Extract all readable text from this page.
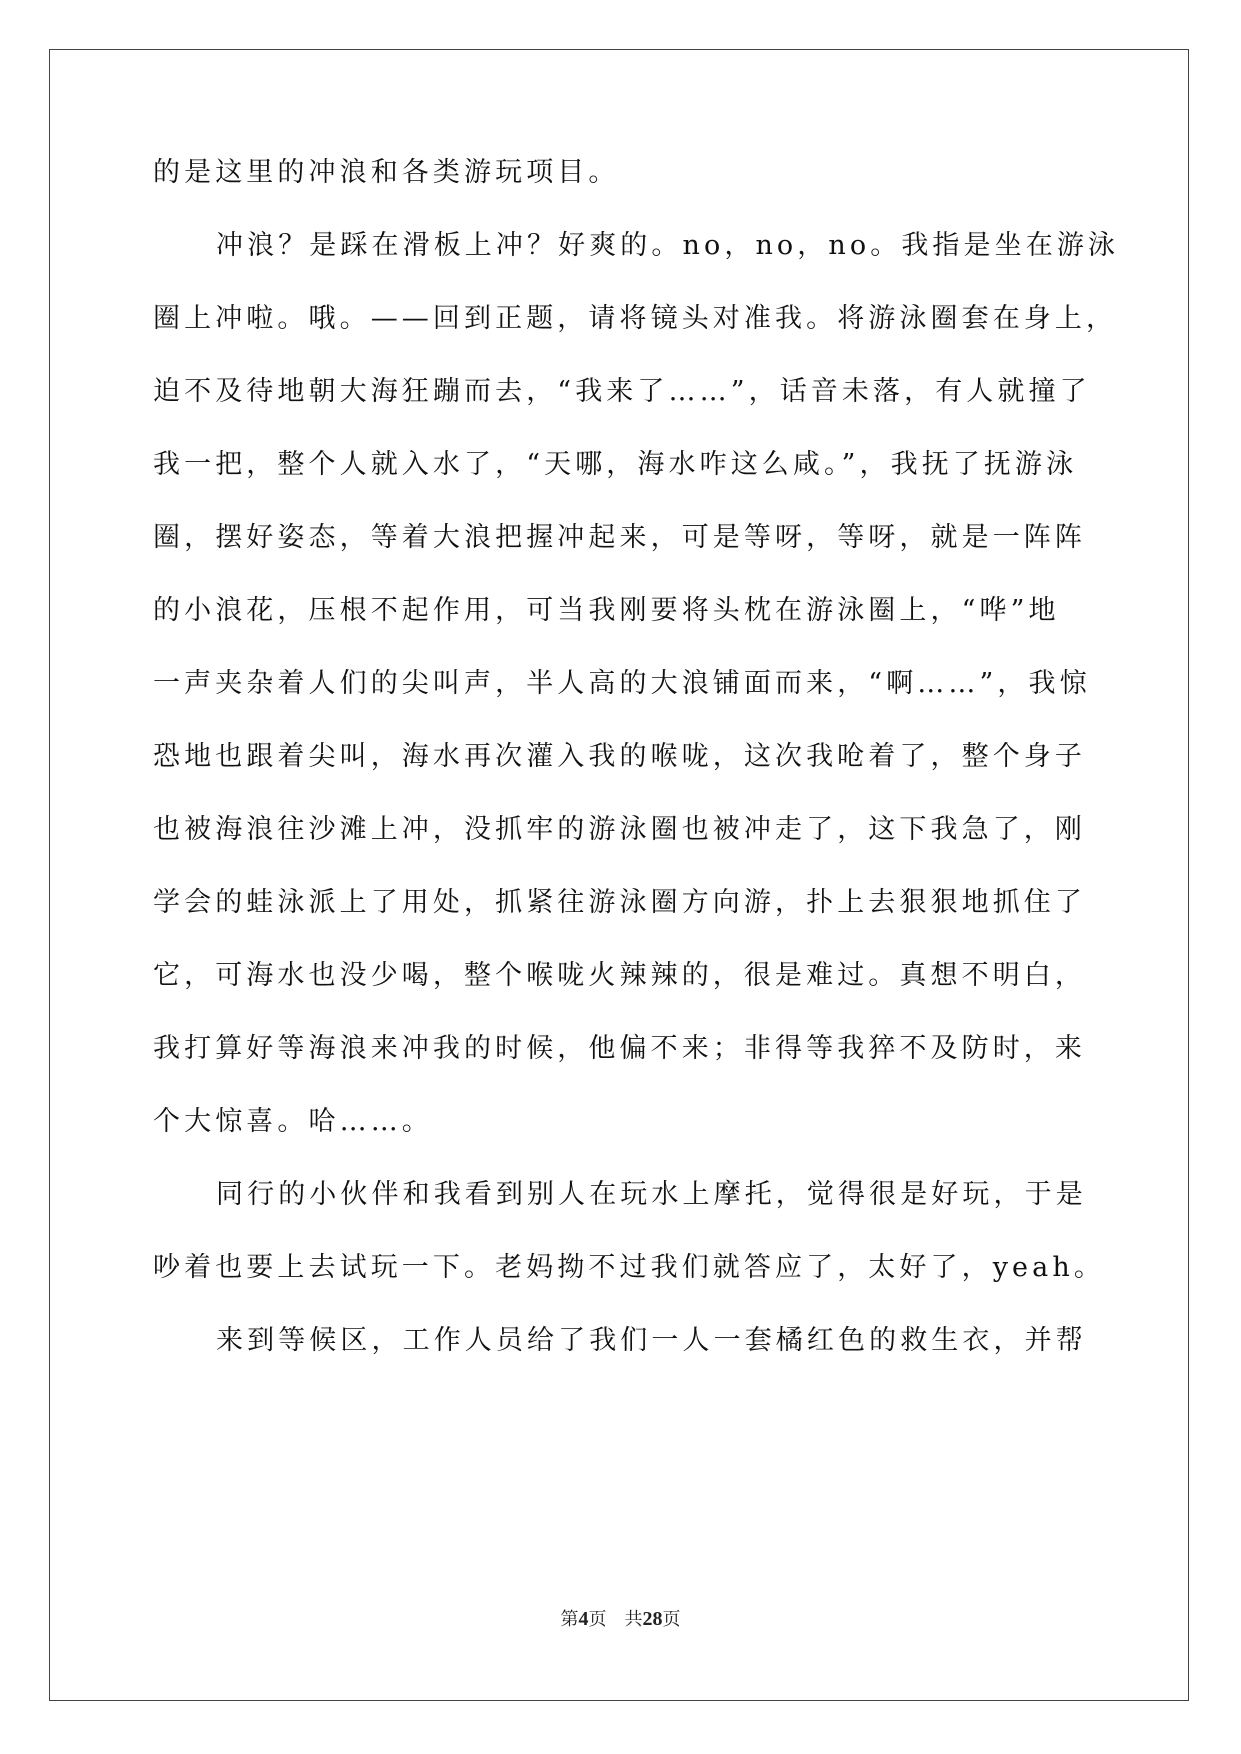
的是这里的冲浪和各类游玩项目。
冲浪？是踩在滑板上冲？好爽的。no，no，no。我指是坐在游泳
圈上冲啦。哦。——回到正题，请将镜头对准我。将游泳圈套在身上，
迫不及待地朝大海狂蹦而去，“我来了……”，话音未落，有人就撞了
我一把，整个人就入水了，“天哪，海水咋这么咸。”，我抚了抚游泳
圈，摆好姿态，等着大浪把握冲起来，可是等呀，等呀，就是一阵阵
的小浪花，压根不起作用，可当我刚要将头枕在游泳圈上，“哗”地
一声夹杂着人们的尖叫声，半人高的大浪铺面而来，“啊……”，我惊
恐地也跟着尖叫，海水再次灌入我的喉咙，这次我呛着了，整个身子
也被海浪往沙滩上冲，没抓牢的游泳圈也被冲走了，这下我急了，刚
学会的蛙泳派上了用处，抓紧往游泳圈方向游，扑上去狠狠地抓住了
它，可海水也没少喝，整个喉咙火辣辣的，很是难过。真想不明白，
我打算好等海浪来冲我的时候，他偏不来；非得等我猝不及防时，来
个大惊喜。哈……。
同行的小伙伴和我看到别人在玩水上摩托，觉得很是好玩，于是
吵着也要上去试玩一下。老妈拗不过我们就答应了，太好了，yeah。
来到等候区，工作人员给了我们一人一套橘红色的救生衣，并帮
第4页　共28页
